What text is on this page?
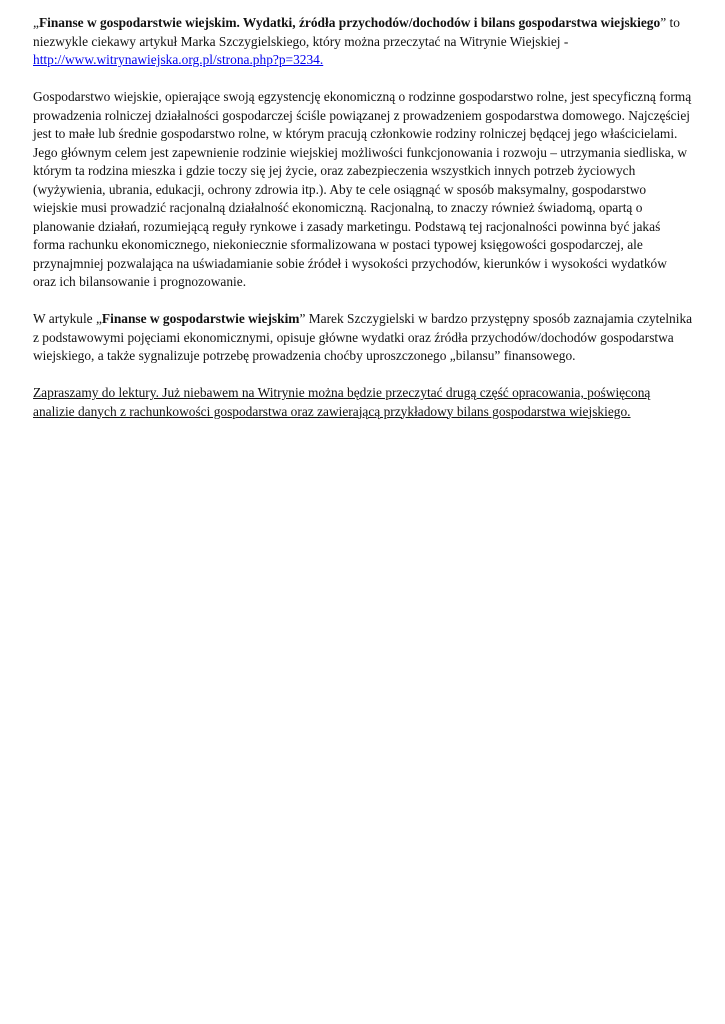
„Finanse w gospodarstwie wiejskim. Wydatki, źródła przychodów/dochodów i bilans gospodarstwa wiejskiego” to niezwykle ciekawy artykuł Marka Szczygielskiego, który można przeczytać na Witrynie Wiejskiej - http://www.witrynawiejska.org.pl/strona.php?p=3234.

Gospodarstwo wiejskie, opierające swoją egzystencję ekonomiczną o rodzinne gospodarstwo rolne, jest specyficzną formą prowadzenia rolniczej działalności gospodarczej ściśle powiązanej z prowadzeniem gospodarstwa domowego. Najczęściej jest to małe lub średnie gospodarstwo rolne, w którym pracują członkowie rodziny rolniczej będącej jego właścicielami. Jego głównym celem jest zapewnienie rodzinie wiejskiej możliwości funkcjonowania i rozwoju – utrzymania siedliska, w którym ta rodzina mieszka i gdzie toczy się jej życie, oraz zabezpieczenia wszystkich innych potrzeb życiowych (wyżywienia, ubrania, edukacji, ochrony zdrowia itp.). Aby te cele osiągnąć w sposób maksymalny, gospodarstwo wiejskie musi prowadzić racjonalną działalność ekonomiczną. Racjonalną, to znaczy również świadomą, opartą o planowanie działań, rozumiejącą reguły rynkowe i zasady marketingu. Podstawą tej racjonalności powinna być jakaś forma rachunku ekonomicznego, niekoniecznie sformalizowana w postaci typowej księgowości gospodarczej, ale przynajmniej pozwalająca na uświadamianie sobie źródeł i wysokości przychodów, kierunków i wysokości wydatków oraz ich bilansowanie i prognozowanie.

W artykule „Finanse w gospodarstwie wiejskim” Marek Szczygielski w bardzo przystępny sposób zaznajamia czytelnika z podstawowymi pojęciami ekonomicznymi, opisuje główne wydatki oraz źródła przychodów/dochodów gospodarstwa wiejskiego, a także sygnalizuje potrzebę prowadzenia choćby uproszczonego „bilansu” finansowego.

Zapraszamy do lektury. Już niebawem na Witrynie można będzie przeczytać drugą część opracowania, poświęconą analizie danych z rachunkowości gospodarstwa oraz zawierającą przykładowy bilans gospodarstwa wiejskiego.
